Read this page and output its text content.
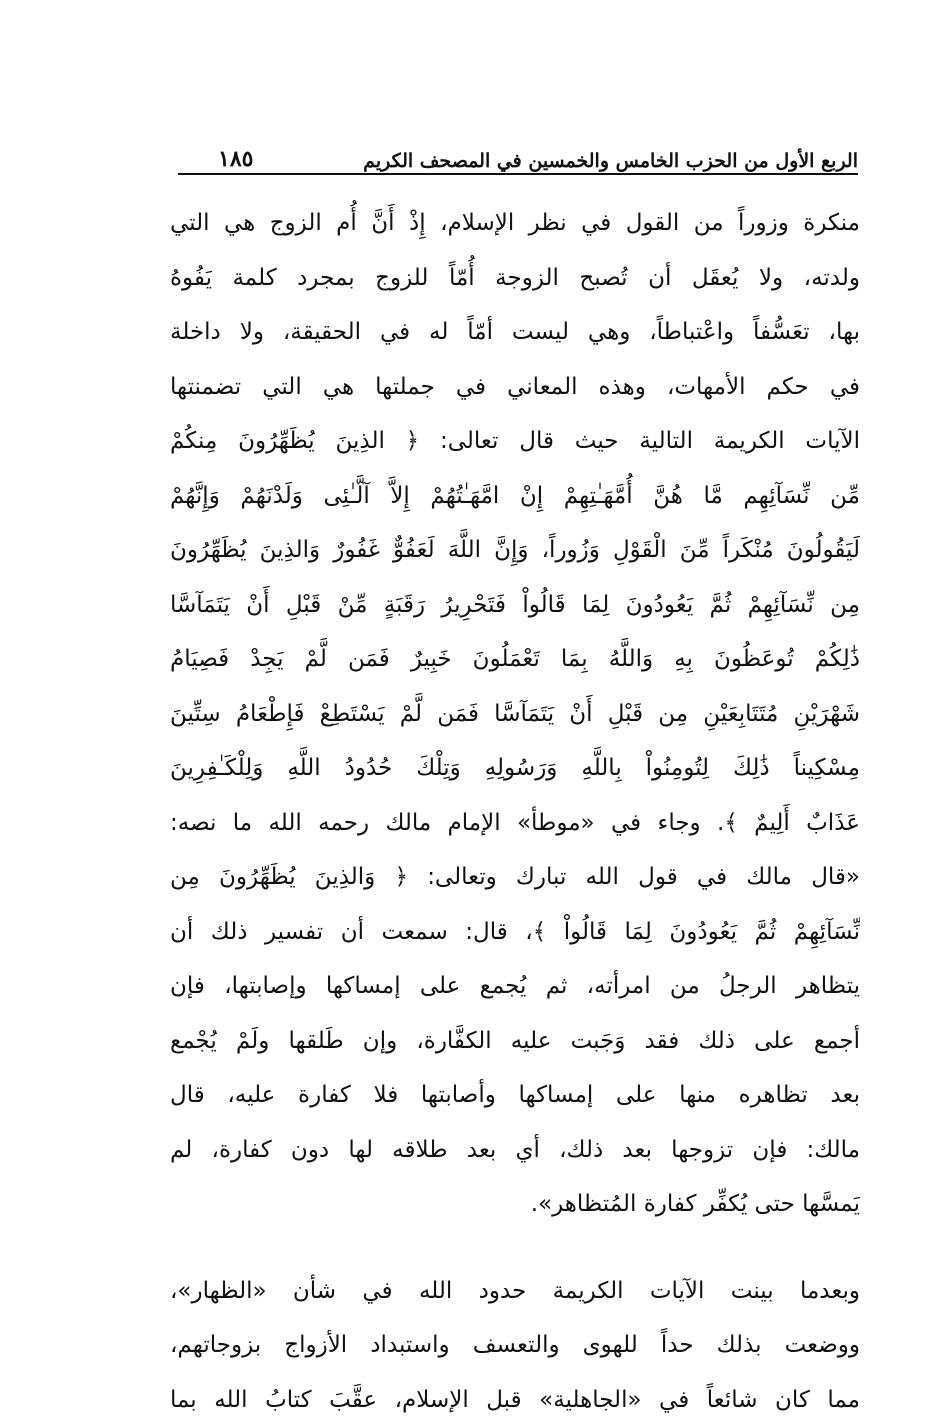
الربع الأول من الحزب الخامس والخمسين في المصحف الكريم
١٨٥
منكرة وزوراً من القول في نظر الإسلام، إِذْ أَنَّ أُم الزوج هي التي
ولدته، ولا يُعقَل أن تُصبح الزوجة أُمّاً للزوج بمجرد كلمة يَفُوهُ
بها، تعَسُّفاً واعْتباطاً، وهي ليست أمّاً له في الحقيقة، ولا داخلة
في حكم الأمهات، وهذه المعاني في جملتها هي التي تضمنتها
الآيات الكريمة التالية حيث قال تعالى: ﴿ الذِينَ يُظَهِّرُونَ مِنكُمْ
مِّن نِّسَآئِهِم مَّا هُنَّ أُمَّهَـٰتِهِمْ إِنْ امَّهَـٰتُهُمْ إِلاَّ آلَّـٰئِى وَلَدْنَهُمْ وَإِنَّهُمْ
لَيَقُولُونَ مُنْكَراً مِّنَ الْقَوْلِ وَزُوراً، وَإِنَّ اللَّهَ لَعَفُوٌّ غَفُورٌ وَالذِينَ يُظَهِّرُونَ
مِن نِّسَآئِهِمْ ثُمَّ يَعُودُونَ لِمَا قَالُواْ فَتَحْرِيرُ رَقَبَةٍ مِّنْ قَبْلِ أَنْ يَتَمَآسَّا
ذَٰلِكُمْ تُوعَظُونَ بِهِ وَاللَّهُ بِمَا تَعْمَلُونَ خَبِيرٌ فَمَن لَّمْ يَجِدْ فَصِيَامُ
شَهْرَيْنِ مُتَتَابِعَيْنِ مِن قَبْلِ أَنْ يَتَمَآسَّا فَمَن لَّمْ يَسْتَطِعْ فَإِطْعَامُ سِتِّينَ
مِسْكِيناً ذَٰلِكَ لِتُومِنُواْ بِاللَّهِ وَرَسُولِهِ وَتِلْكَ حُدُودُ اللَّهِ وَلِلْكَـٰفِرِينَ
عَذَابٌ أَلِيمٌ ﴾. وجاء في «موطأ» الإمام مالك رحمه الله ما نصه:
«قال مالك في قول الله تبارك وتعالى: ﴿ وَالذِينَ يُظَهِّرُونَ مِن
نِّسَآئِهِمْ ثُمَّ يَعُودُونَ لِمَا قَالُواْ ﴾، قال: سمعت أن تفسير ذلك أن
يتظاهر الرجلُ من امرأته، ثم يُجمع على إمساكها وإصابتها، فإن
أجمع على ذلك فقد وَجَبت عليه الكفَّارة، وإن طَلقها ولَمْ يُجْمع
بعد تظاهره منها على إمساكها وأصابتها فلا كفارة عليه، قال
مالك: فإن تزوجها بعد ذلك، أي بعد طلاقه لها دون كفارة، لم
يَمسَّها حتى يُكفِّر كفارة المُتظاهر».
وبعدما بينت الآيات الكريمة حدود الله في شأن «الظهار»،
ووضعت بذلك حداً للهوى والتعسف واستبداد الأزواج بزوجاتهم،
مما كان شائعاً في «الجاهلية» قبل الإسلام، عقَّبَ كتابُ الله بما
